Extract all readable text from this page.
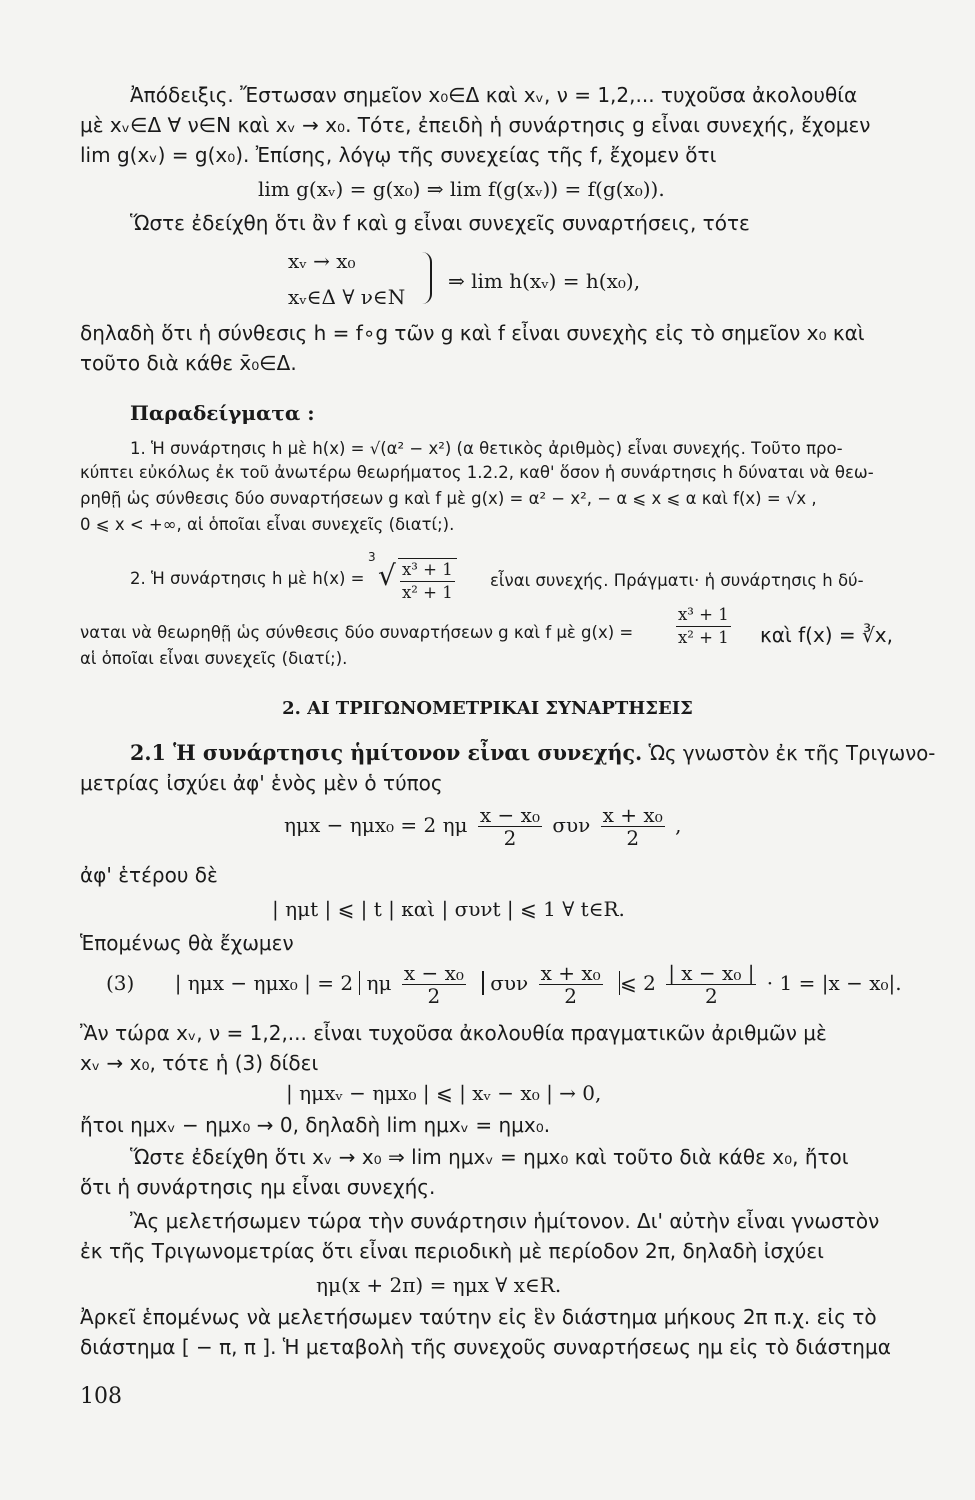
Ἀπόδειξις. Ἔστωσαν σημεῖον x₀∈Δ καὶ xᵥ, ν = 1,2,... τυχοῦσα ἀκολουθία
μὲ xᵥ∈Δ ∀ ν∈N καὶ xᵥ → x₀. Τότε, ἐπειδὴ ἡ συνάρτησις g εἶναι συνεχής, ἔχομεν
lim g(xᵥ) = g(x₀). Ἐπίσης, λόγῳ τῆς συνεχείας τῆς f, ἔχομεν ὅτι
lim g(xᵥ) = g(x₀) ⇒ lim f(g(xᵥ)) = f(g(x₀)).
Ὥστε ἐδείχθη ὅτι ἂν f καὶ g εἶναι συνεχεῖς συναρτήσεις, τότε
xᵥ → x₀
xᵥ∈Δ ∀ ν∈N
⇒ lim h(xᵥ) = h(x₀),
δηλαδὴ ὅτι ἡ σύνθεσις h = f∘g τῶν g καὶ f εἶναι συνεχὴς εἰς τὸ σημεῖον x₀ καὶ
τοῦτο διὰ κάθε x̄₀∈Δ.
Παραδείγματα :
1. Ἡ συνάρτησις h μὲ h(x) = √(α² − x²) (α θετικὸς ἀριθμὸς) εἶναι συνεχής. Τοῦτο προ-
κύπτει εὐκόλως ἐκ τοῦ ἀνωτέρω θεωρήματος 1.2.2, καθ' ὅσον ἡ συνάρτησις h δύναται νὰ θεω-
ρηθῇ ὡς σύνθεσις δύο συναρτήσεων g καὶ f μὲ g(x) = α² − x², − α ⩽ x ⩽ α καὶ f(x) = √x ,
0 ⩽ x < +∞, αἱ ὁποῖαι εἶναι συνεχεῖς (διατί;).
2. Ἡ συνάρτησις h μὲ h(x) =
3
√ $\frac{\text{x³ + 1}}{\text{x² + 1}}$ εἶναι συνεχής. Πράγματι· ἡ συνάρτησις h δύ-
ναται νὰ θεωρηθῇ ὡς σύνθεσις δύο συναρτήσεων g καὶ f μὲ g(x) =	$\frac{\text{x³ + 1}}{\text{x² + 1}}$ καὶ f(x) = ∛x,
αἱ ὁποῖαι εἶναι συνεχεῖς (διατί;).
2. ΑΙ ΤΡΙΓΩΝΟΜΕΤΡΙΚΑΙ ΣΥΝΑΡΤΗΣΕΙΣ
2.1 Ἡ συνάρτησις ἡμίτονον εἶναι συνεχής. Ὡς γνωστὸν ἐκ τῆς Τριγωνο-
μετρίας ἰσχύει ἀφ' ἑνὸς μὲν ὁ τύπος
ημx − ημx₀ = 2 ημ $\frac{\text{x − x₀}}{2}$ συν $\frac{\text{x + x₀}}{2}$ ,
ἀφ' ἑτέρου δὲ
| ημt | ⩽ | t | καὶ | συνt | ⩽ 1 ∀ t∈R.
Ἑπομένως θὰ ἔχωμεν
(3) | ημx − ημx₀ | = 2 ημ $\frac{\text{x − x₀}}{2}$ συν $\frac{\text{x + x₀}}{2}$ ⩽ $2 \frac{\text{| x − x₀ |}}{2} \cdot 1 = |x - x_0|$.
Ἂν τώρα xᵥ, ν = 1,2,... εἶναι τυχοῦσα ἀκολουθία πραγματικῶν ἀριθμῶν μὲ
xᵥ → x₀, τότε ἡ (3) δίδει
| ημxᵥ − ημx₀ | ⩽ | xᵥ − x₀ | → 0,
ἤτοι ημxᵥ − ημx₀ → 0, δηλαδὴ lim ημxᵥ = ημx₀.
Ὥστε ἐδείχθη ὅτι xᵥ → x₀ ⇒ lim ημxᵥ = ημx₀ καὶ τοῦτο διὰ κάθε x₀, ἤτοι
ὅτι ἡ συνάρτησις ημ εἶναι συνεχής.
Ἂς μελετήσωμεν τώρα τὴν συνάρτησιν ἡμίτονον. Δι' αὐτὴν εἶναι γνωστὸν
ἐκ τῆς Τριγωνομετρίας ὅτι εἶναι περιοδικὴ μὲ περίοδον 2π, δηλαδὴ ἰσχύει
ημ(x + 2π) = ημx ∀ x∈R.
Ἀρκεῖ ἑπομένως νὰ μελετήσωμεν ταύτην εἰς ἓν διάστημα μήκους 2π π.χ. εἰς τὸ
διάστημα [ − π, π ]. Ἡ μεταβολὴ τῆς συνεχοῦς συναρτήσεως ημ εἰς τὸ διάστημα
108
